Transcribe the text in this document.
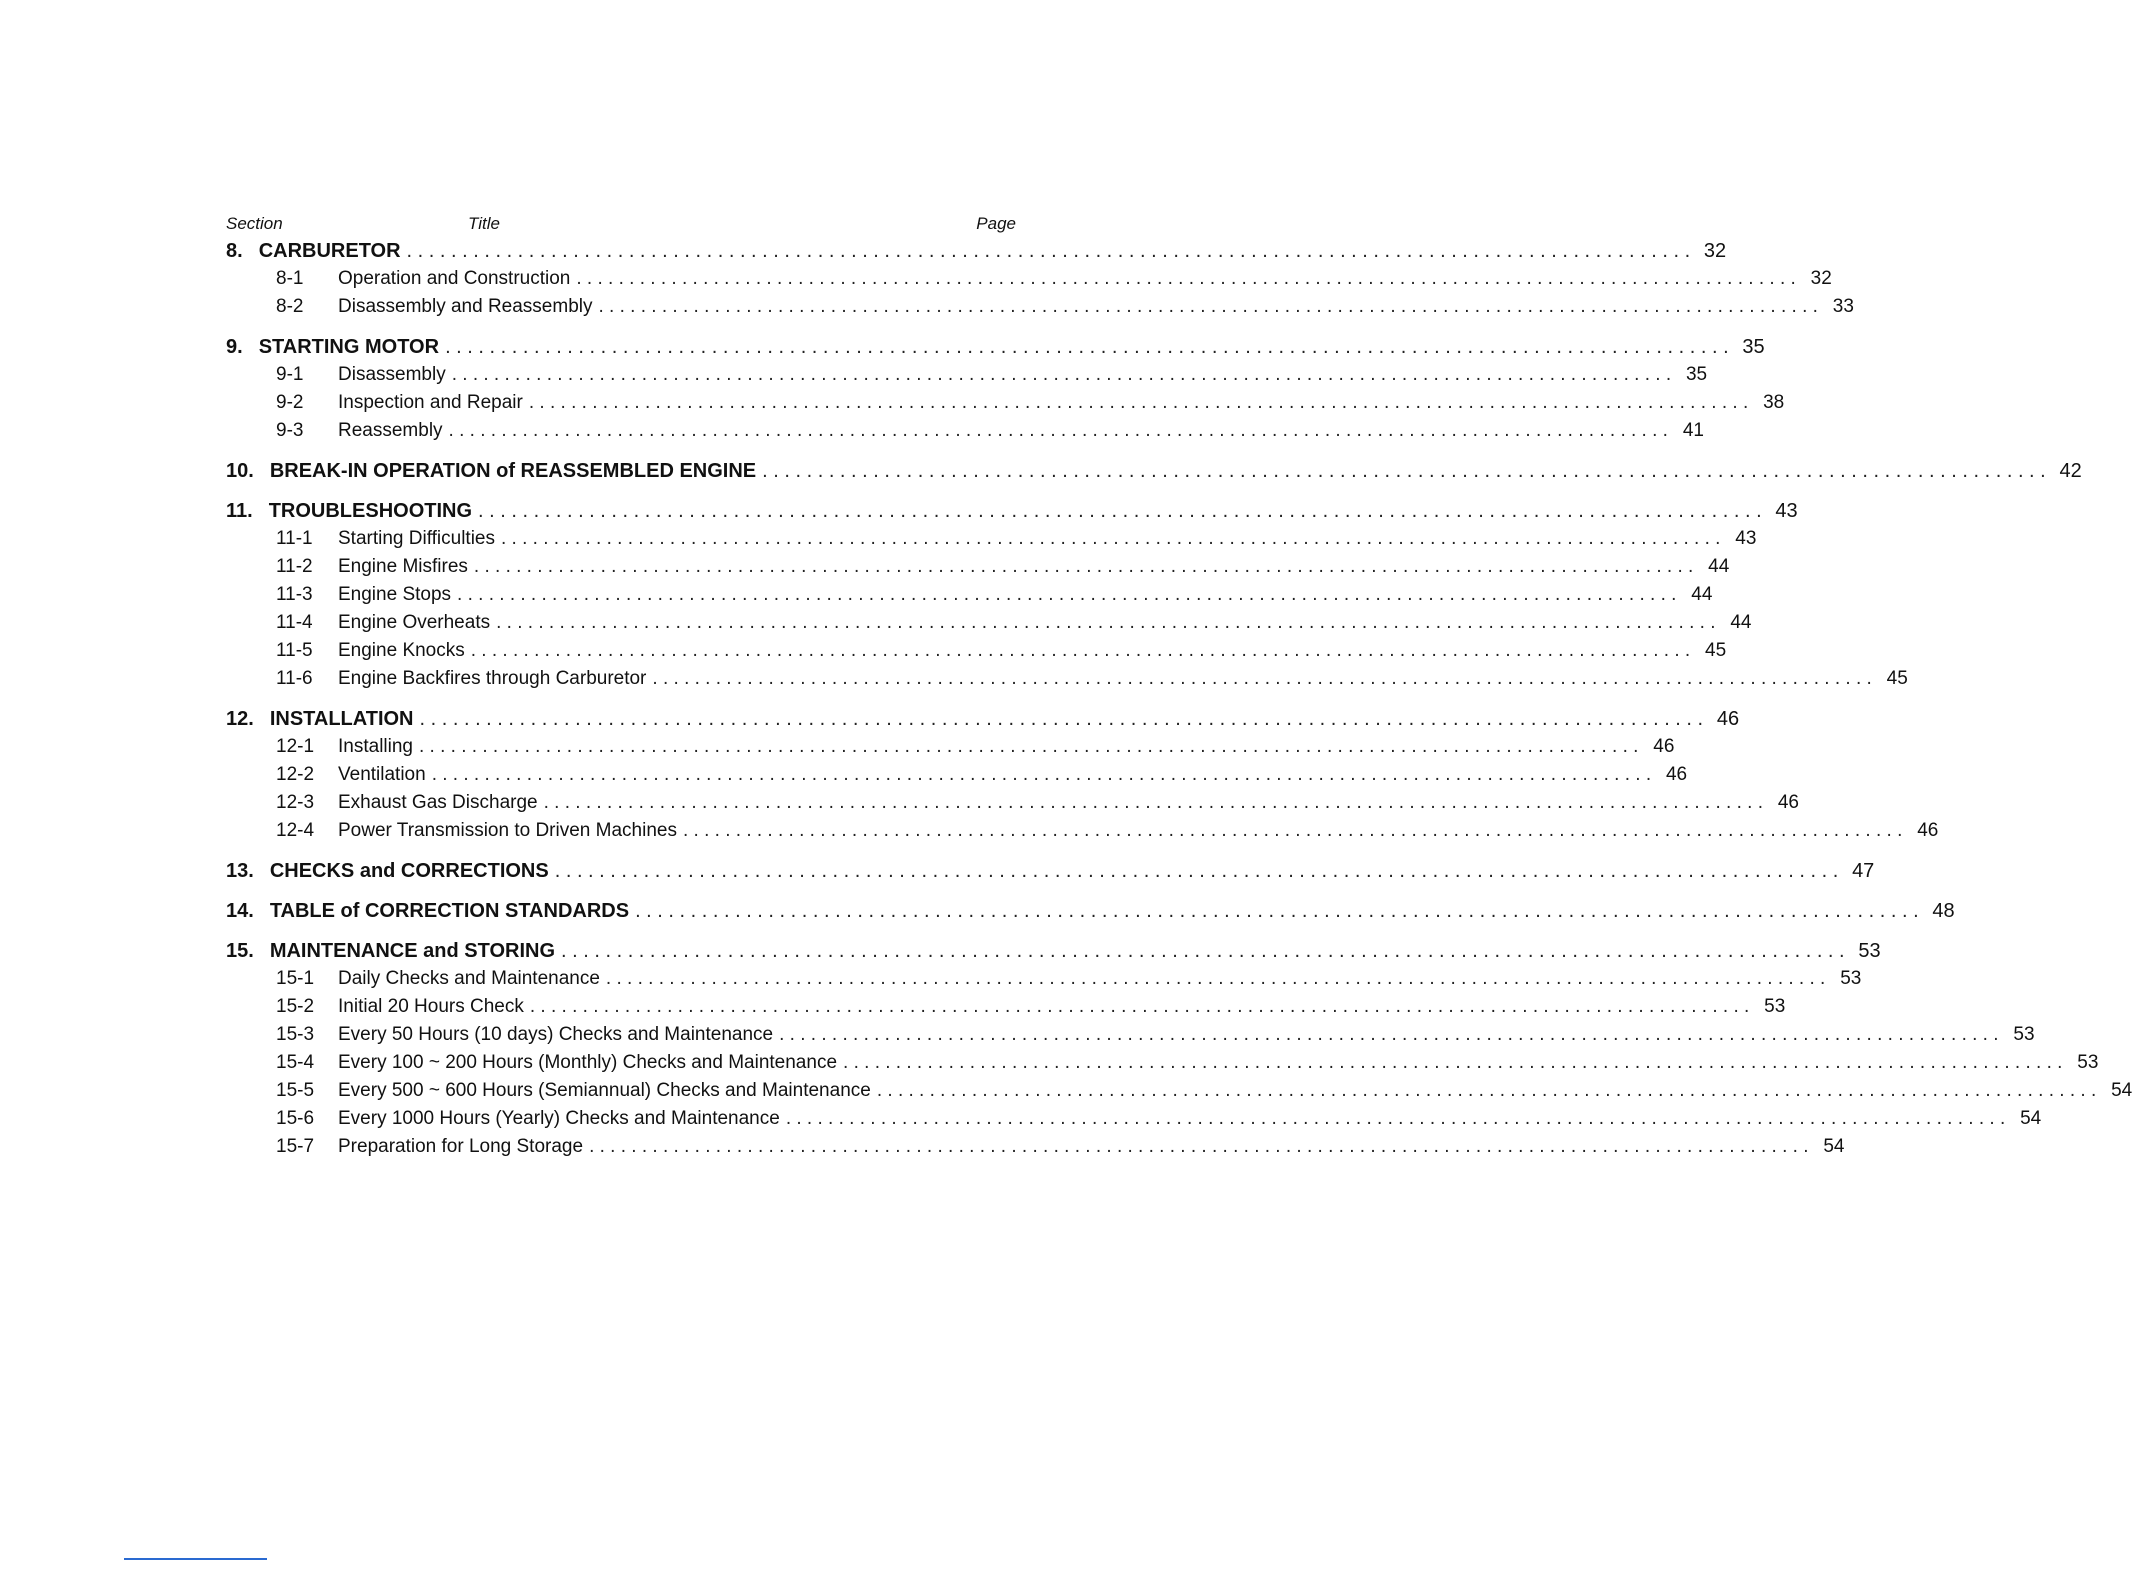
Section	Title	Page
8. CARBURETOR . . .	32
8-1	Operation and Construction . . .	32
8-2	Disassembly and Reassembly . . .	33
9. STARTING MOTOR . . .	35
9-1	Disassembly . . .	35
9-2	Inspection and Repair . . .	38
9-3	Reassembly . . .	41
10. BREAK-IN OPERATION of REASSEMBLED ENGINE . . .	42
11. TROUBLESHOOTING . . .	43
11-1	Starting Difficulties . . .	43
11-2	Engine Misfires . . .	44
11-3	Engine Stops . . .	44
11-4	Engine Overheats . . .	44
11-5	Engine Knocks . . .	45
11-6	Engine Backfires through Carburetor . . .	45
12. INSTALLATION . . .	46
12-1	Installing . . .	46
12-2	Ventilation . . .	46
12-3	Exhaust Gas Discharge . . .	46
12-4	Power Transmission to Driven Machines . . .	46
13. CHECKS and CORRECTIONS . . .	47
14. TABLE of CORRECTION STANDARDS . . .	48
15. MAINTENANCE and STORING . . .	53
15-1	Daily Checks and Maintenance . . .	53
15-2	Initial 20 Hours Check . . .	53
15-3	Every 50 Hours (10 days) Checks and Maintenance . . .	53
15-4	Every 100 ~ 200 Hours (Monthly) Checks and Maintenance . . .	53
15-5	Every 500 ~ 600 Hours (Semiannual) Checks and Maintenance . . .	54
15-6	Every 1000 Hours (Yearly) Checks and Maintenance . . .	54
15-7	Preparation for Long Storage . . .	54
